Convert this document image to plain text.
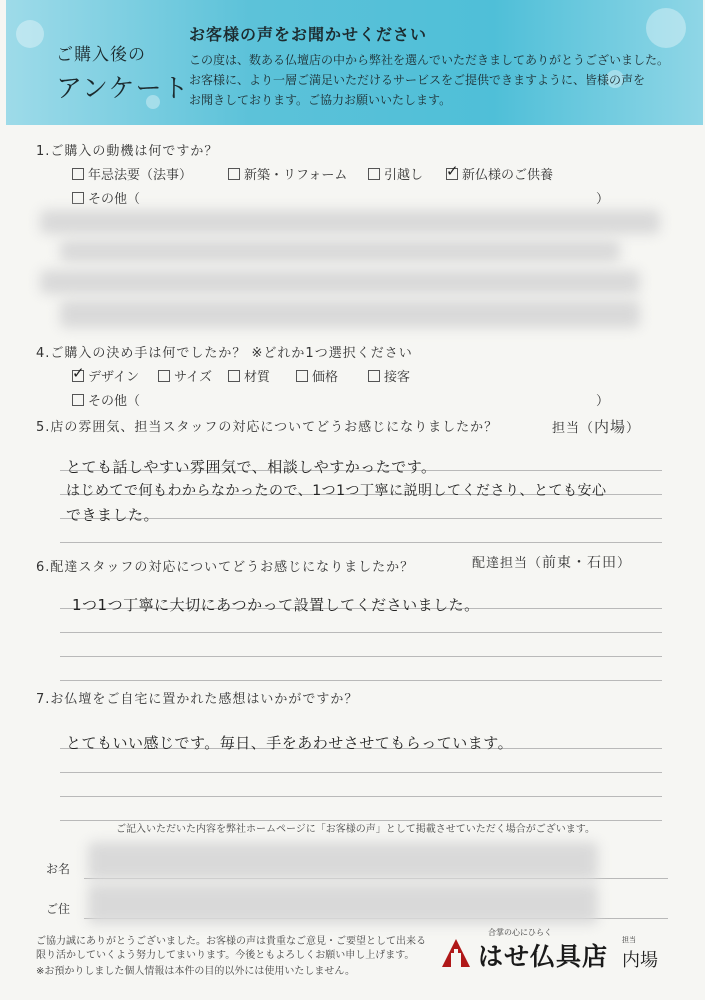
ご購入後の
アンケート
お客様の声をお聞かせください
この度は、数ある仏壇店の中から弊社を選んでいただきましてありがとうございました。
お客様に、より一層ご満足いただけるサービスをご提供できますように、皆様の声を
お聞きしております。ご協力お願いいたします。
1.ご購入の動機は何ですか？
年忌法要（法事）	新築・リフォーム	引越し
✓	新仏様のご供養
その他（	）
4.ご購入の決め手は何でしたか？ ※どれか1つ選択ください
✓デザイン	サイズ	材質	価格	接客
その他（	）
5.店の雰囲気、担当スタッフの対応についてどうお感じになりましたか？	担当（内場）
とても話しやすい雰囲気で、相談しやすかったです。
はじめてで何もわからなかったので、1つ1つ丁寧に説明してくださり、とても安心
できました。
6.配達スタッフの対応についてどうお感じになりましたか？	配達担当（前東・石田）
1つ1つ丁寧に大切にあつかって設置してくださいました。
7.お仏壇をご自宅に置かれた感想はいかがですか？
とてもいい感じです。毎日、手をあわせさせてもらっています。
ご記入いただいた内容を弊社ホームページに「お客様の声」として掲載させていただく場合がございます。
お名
ご住
ご協力誠にありがとうございました。お客様の声は貴重なご意見・ご要望として出来る
限り活かしていくよう努力してまいります。今後ともよろしくお願い申し上げます。
※お預かりしました個人情報は本件の目的以外には使用いたしません。
合掌の心にひらく
はせ仏具店
担当
内場
